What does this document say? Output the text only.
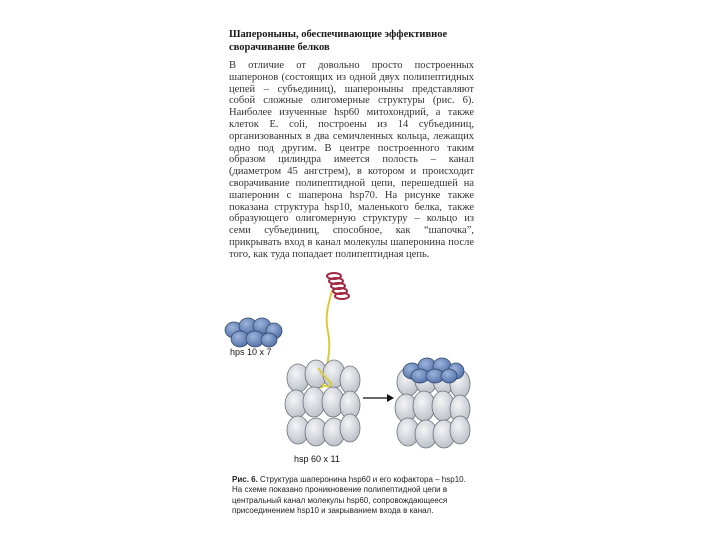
Шапероныны, обеспечивающие эффективное сворачивание белков
В отличие от довольно просто построенных шаперонов (состоящих из одной двух полипептидных цепей – субъединиц), шапероныны представляют собой сложные олигомерные структуры (рис. 6). Наиболее изученные hsp60 митохондрий, а также клеток E. coli, построены из 14 субъединиц, организованных в два семичленных кольца, лежащих одно под другим. В центре построенного таким образом цилиндра имеется полость – канал (диаметром 45 ангстрем), в котором и происходит сворачивание полипептидной цепи, перешедшей на шаперонин с шаперона hsp70. На рисунке также показана структура hsp10, маленького белка, также образующего олигомерную структуру – кольцо из семи субъединиц, способное, как “шапочка”, прикрывать вход в канал молекулы шаперонина после того, как туда попадает полипептидная цепь.
hps 10 x 7
hsp 60 x 11
Рис. 6. Структура шаперонина hsp60 и его кофактора – hsp10. На схеме показано проникновение полипептидной цепи в центральный канал молекулы hsp60, сопровождающееся присоединением hsp10 и закрыванием входа в канал.
